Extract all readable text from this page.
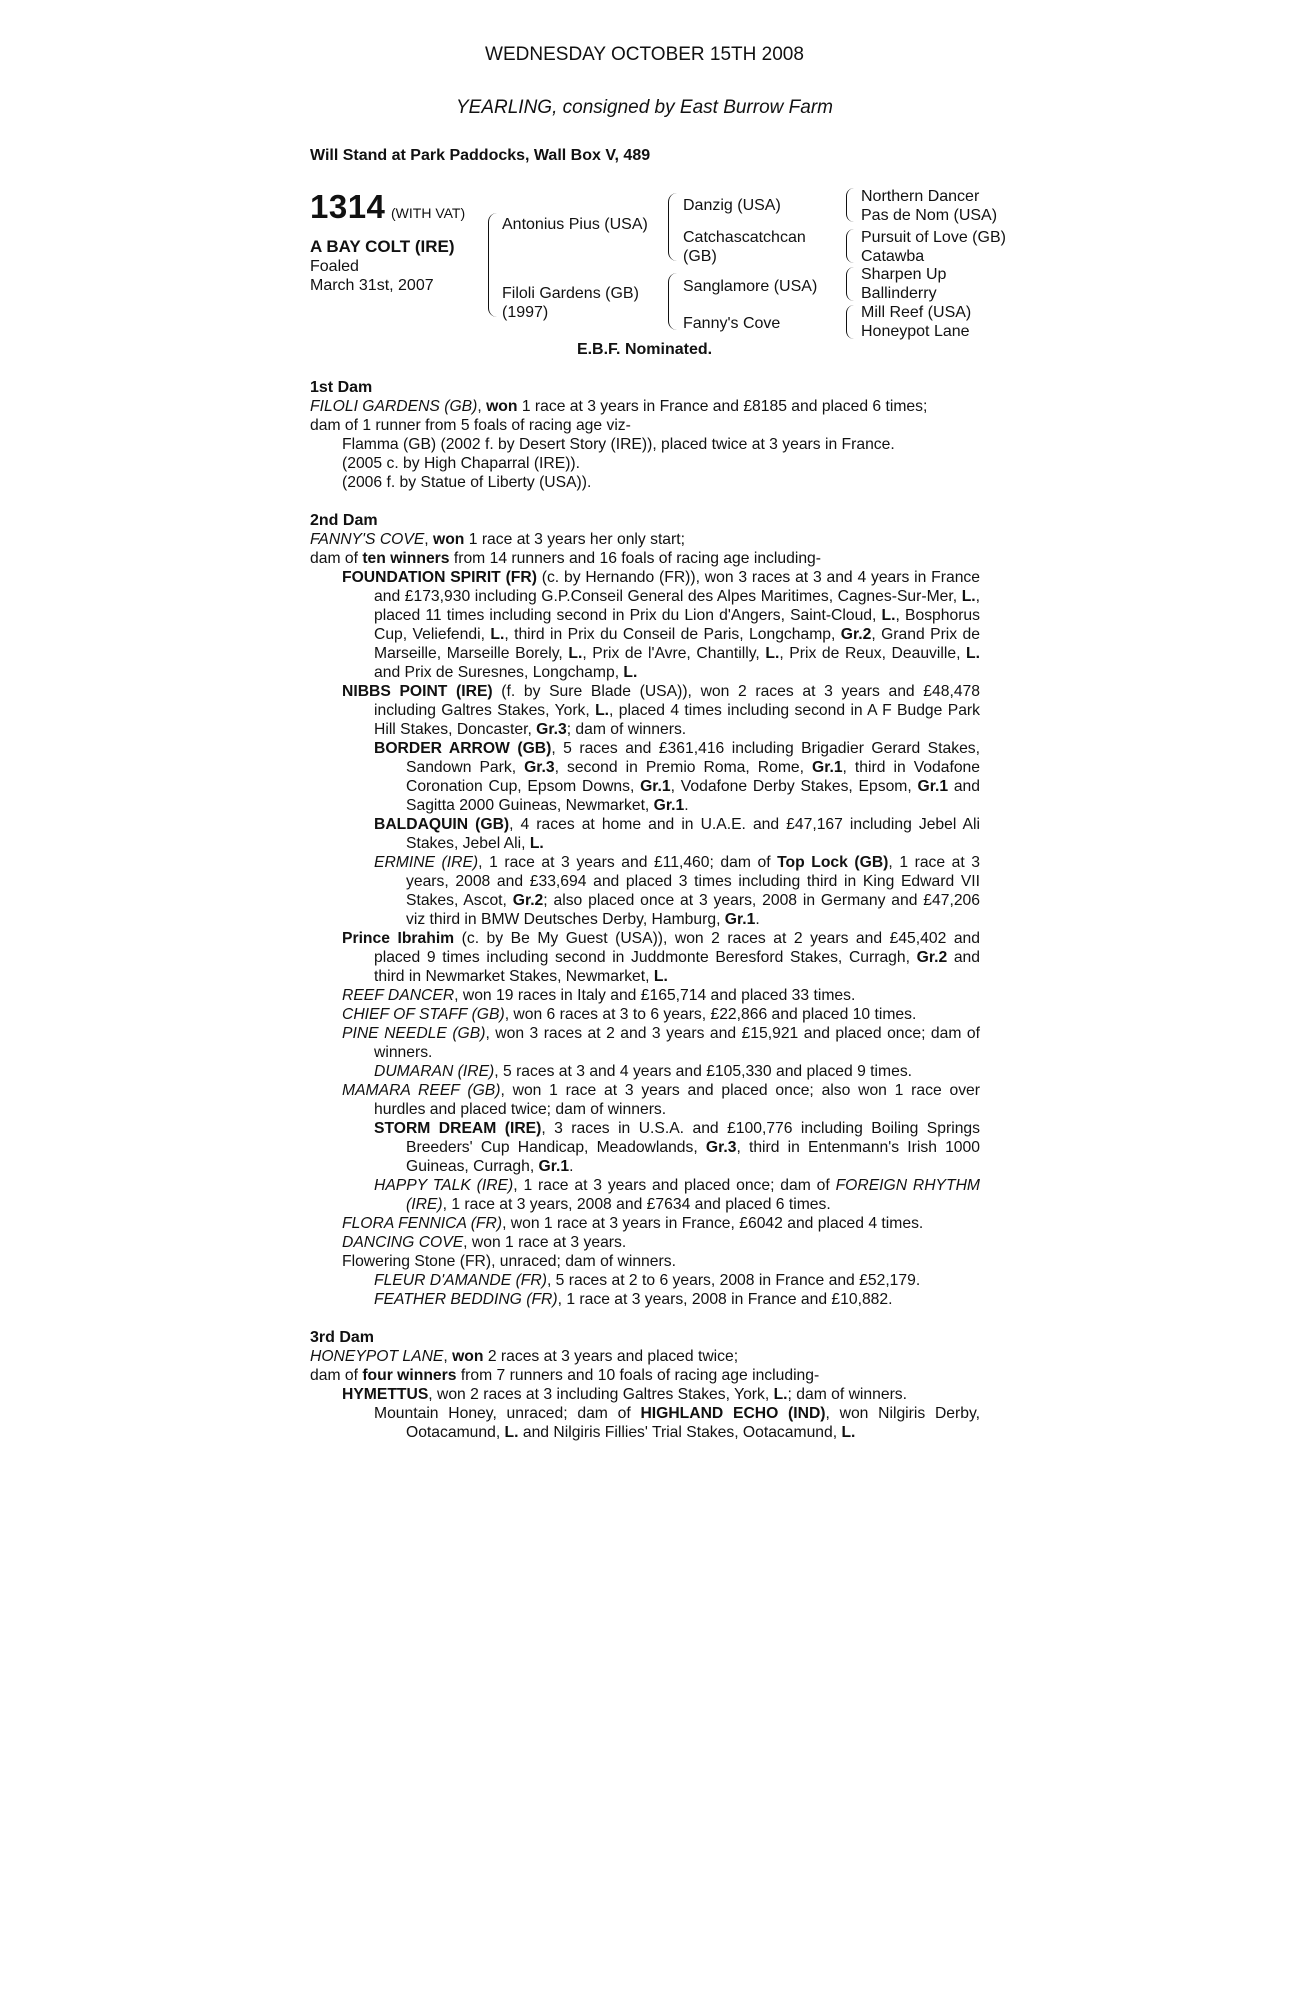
WEDNESDAY OCTOBER 15TH 2008
YEARLING, consigned by East Burrow Farm
Will Stand at Park Paddocks, Wall Box V, 489
1314 (WITH VAT)
A BAY COLT (IRE)
Foaled
March 31st, 2007
Antonius Pius (USA)
Filoli Gardens (GB)
(1997)
Danzig (USA)
Catchascatchcan
(GB)
Sanglamore (USA)
Fanny's Cove
Northern Dancer
Pas de Nom (USA)
Pursuit of Love (GB)
Catawba
Sharpen Up
Ballinderry
Mill Reef (USA)
Honeypot Lane
E.B.F. Nominated.

1st Dam

FILOLI GARDENS (GB), won 1 race at 3 years in France and £8185 and placed 6 times;

dam of 1 runner from 5 foals of racing age viz-

Flamma (GB) (2002 f. by Desert Story (IRE)), placed twice at 3 years in France.

(2005 c. by High Chaparral (IRE)).

(2006 f. by Statue of Liberty (USA)).

2nd Dam

FANNY'S COVE, won 1 race at 3 years her only start;

dam of ten winners from 14 runners and 16 foals of racing age including-

FOUNDATION SPIRIT (FR) (c. by Hernando (FR)), won 3 races at 3 and 4 years in France and £173,930 including G.P.Conseil General des Alpes Maritimes, Cagnes-Sur-Mer, L., placed 11 times including second in Prix du Lion d'Angers, Saint-Cloud, L., Bosphorus Cup, Veliefendi, L., third in Prix du Conseil de Paris, Longchamp, Gr.2, Grand Prix de Marseille, Marseille Borely, L., Prix de l'Avre, Chantilly, L., Prix de Reux, Deauville, L. and Prix de Suresnes, Longchamp, L.

NIBBS POINT (IRE) (f. by Sure Blade (USA)), won 2 races at 3 years and £48,478 including Galtres Stakes, York, L., placed 4 times including second in A F Budge Park Hill Stakes, Doncaster, Gr.3; dam of winners.

BORDER ARROW (GB), 5 races and £361,416 including Brigadier Gerard Stakes, Sandown Park, Gr.3, second in Premio Roma, Rome, Gr.1, third in Vodafone Coronation Cup, Epsom Downs, Gr.1, Vodafone Derby Stakes, Epsom, Gr.1 and Sagitta 2000 Guineas, Newmarket, Gr.1.

BALDAQUIN (GB), 4 races at home and in U.A.E. and £47,167 including Jebel Ali Stakes, Jebel Ali, L.

ERMINE (IRE), 1 race at 3 years and £11,460; dam of Top Lock (GB), 1 race at 3 years, 2008 and £33,694 and placed 3 times including third in King Edward VII Stakes, Ascot, Gr.2; also placed once at 3 years, 2008 in Germany and £47,206 viz third in BMW Deutsches Derby, Hamburg, Gr.1.

Prince Ibrahim (c. by Be My Guest (USA)), won 2 races at 2 years and £45,402 and placed 9 times including second in Juddmonte Beresford Stakes, Curragh, Gr.2 and third in Newmarket Stakes, Newmarket, L.

REEF DANCER, won 19 races in Italy and £165,714 and placed 33 times.

CHIEF OF STAFF (GB), won 6 races at 3 to 6 years, £22,866 and placed 10 times.

PINE NEEDLE (GB), won 3 races at 2 and 3 years and £15,921 and placed once; dam of winners.

DUMARAN (IRE), 5 races at 3 and 4 years and £105,330 and placed 9 times.

MAMARA REEF (GB), won 1 race at 3 years and placed once; also won 1 race over hurdles and placed twice; dam of winners.

STORM DREAM (IRE), 3 races in U.S.A. and £100,776 including Boiling Springs Breeders' Cup Handicap, Meadowlands, Gr.3, third in Entenmann's Irish 1000 Guineas, Curragh, Gr.1.

HAPPY TALK (IRE), 1 race at 3 years and placed once; dam of FOREIGN RHYTHM (IRE), 1 race at 3 years, 2008 and £7634 and placed 6 times.

FLORA FENNICA (FR), won 1 race at 3 years in France, £6042 and placed 4 times.

DANCING COVE, won 1 race at 3 years.

Flowering Stone (FR), unraced; dam of winners.

FLEUR D'AMANDE (FR), 5 races at 2 to 6 years, 2008 in France and £52,179.

FEATHER BEDDING (FR), 1 race at 3 years, 2008 in France and £10,882.

3rd Dam

HONEYPOT LANE, won 2 races at 3 years and placed twice;

dam of four winners from 7 runners and 10 foals of racing age including-

HYMETTUS, won 2 races at 3 including Galtres Stakes, York, L.; dam of winners.

Mountain Honey, unraced; dam of HIGHLAND ECHO (IND), won Nilgiris Derby, Ootacamund, L. and Nilgiris Fillies' Trial Stakes, Ootacamund, L.
